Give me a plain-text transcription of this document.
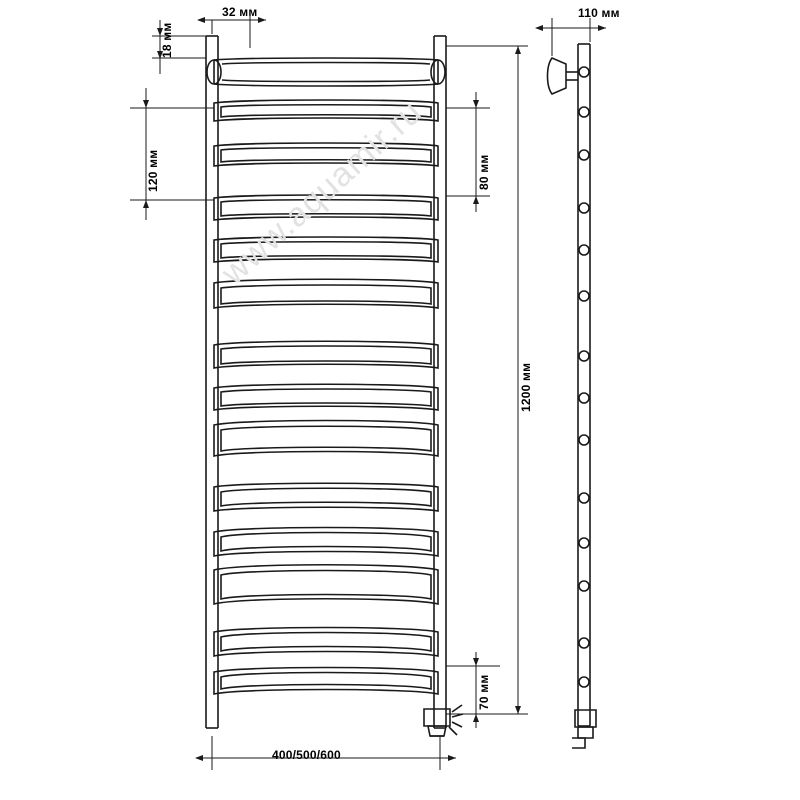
32 мм
18 мм
120 мм	80 мм
1200 мм
70 мм
400/500/600
110 мм
www.aquamir.ru
